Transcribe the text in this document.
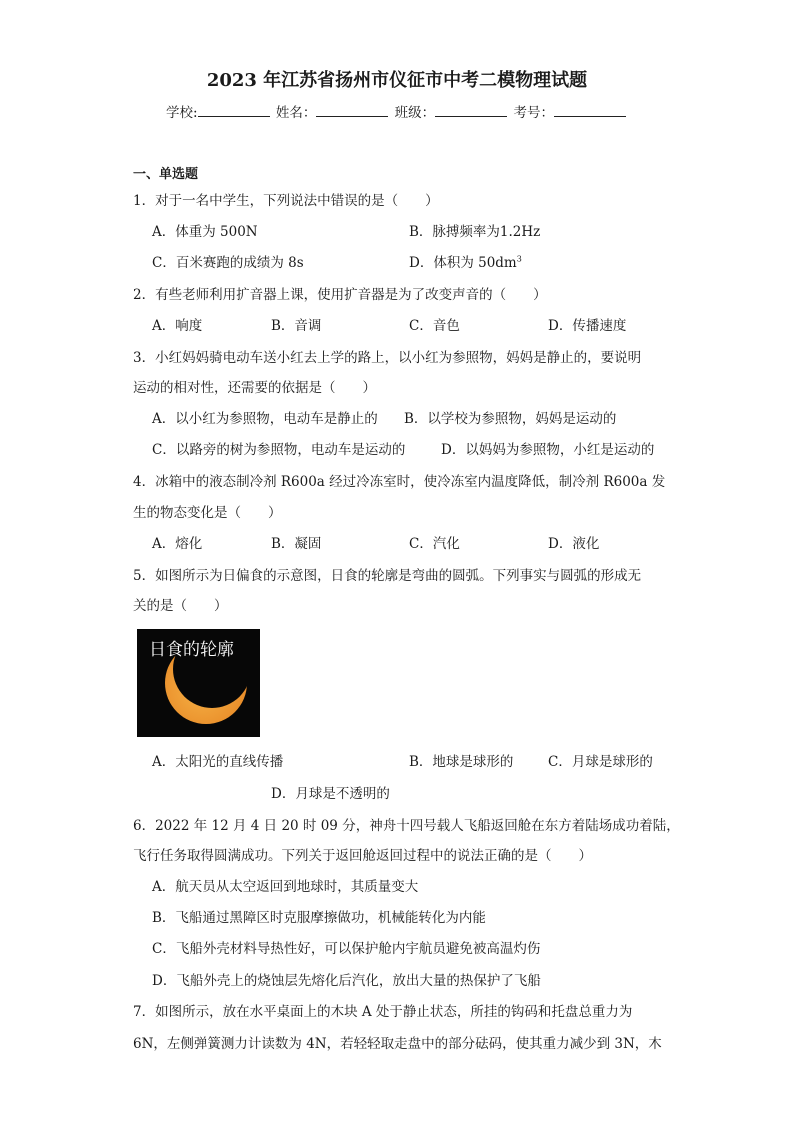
2023 年江苏省扬州市仪征市中考二模物理试题
学校:	姓名：	班级：	考号：
一、单选题
1．对于一名中学生，下列说法中错误的是（　　）
A．体重为 500N	B．脉搏频率为1.2Hz
C．百米赛跑的成绩为 8s	D．体积为 $50dm^3$
2．有些老师利用扩音器上课，使用扩音器是为了改变声音的（　　）
A．响度	B．音调	C．音色	D．传播速度
3．小红妈妈骑电动车送小红去上学的路上，以小红为参照物，妈妈是静止的，要说明
运动的相对性，还需要的依据是（　　）
A．以小红为参照物，电动车是静止的 B．以学校为参照物，妈妈是运动的
C．以路旁的树为参照物，电动车是运动的	D．以妈妈为参照物，小红是运动的
4．冰箱中的液态制冷剂 R600a 经过冷冻室时，使冷冻室内温度降低，制冷剂 R600a 发
生的物态变化是（　　）
A．熔化	B．凝固	C．汽化	D．液化
5．如图所示为日偏食的示意图，日食的轮廓是弯曲的圆弧。下列事实与圆弧的形成无
关的是（　　）
日食的轮廓
A．太阳光的直线传播	B．地球是球形的	C．月球是球形的
D．月球是不透明的
6．2022 年 12 月 4 日 20 时 09 分，神舟十四号载人飞船返回舱在东方着陆场成功着陆，
飞行任务取得圆满成功。下列关于返回舱返回过程中的说法正确的是（　　）
A．航天员从太空返回到地球时，其质量变大
B．飞船通过黑障区时克服摩擦做功，机械能转化为内能
C．飞船外壳材料导热性好，可以保护舱内宇航员避免被高温灼伤
D．飞船外壳上的烧蚀层先熔化后汽化，放出大量的热保护了飞船
7．如图所示，放在水平桌面上的木块 A 处于静止状态，所挂的钩码和托盘总重力为
6N，左侧弹簧测力计读数为 4N，若轻轻取走盘中的部分砝码，使其重力减少到 3N，木
